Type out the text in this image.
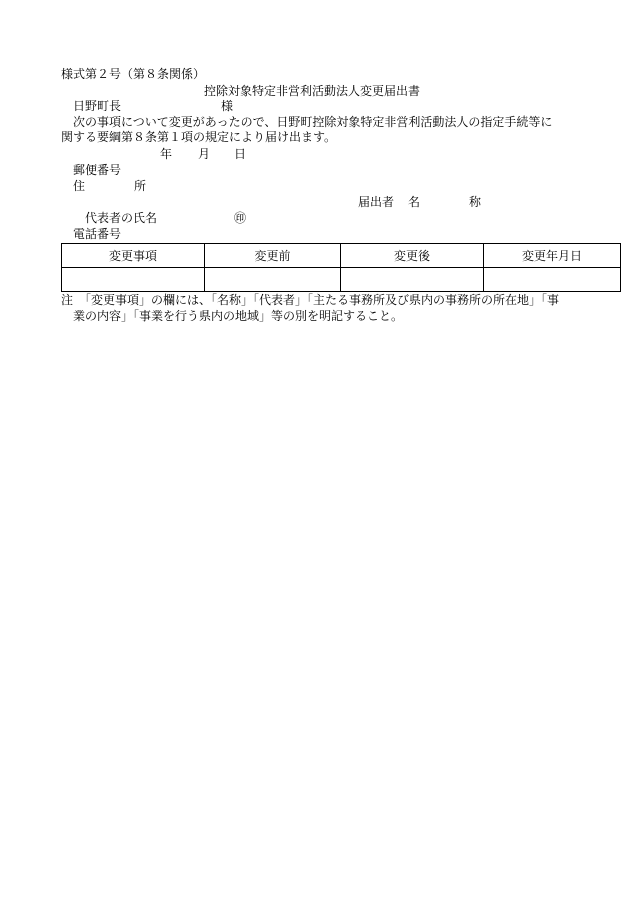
様式第２号（第８条関係）
控除対象特定非営利活動法人変更届出書
日野町長	様
次の事項について変更があったので、日野町控除対象特定非営利活動法人の指定手続等に
関する要綱第８条第１項の規定により届け出ます。
年 月 日
郵便番号
住	所
届出者 名	称
代表者の氏名	㊞
電話番号
変更事項	変更前	変更後	変更年月日

注　「変更事項」の欄には、「名称」「代表者」「主たる事務所及び県内の事務所の所在地」「事
業の内容」「事業を行う県内の地域」等の別を明記すること。
